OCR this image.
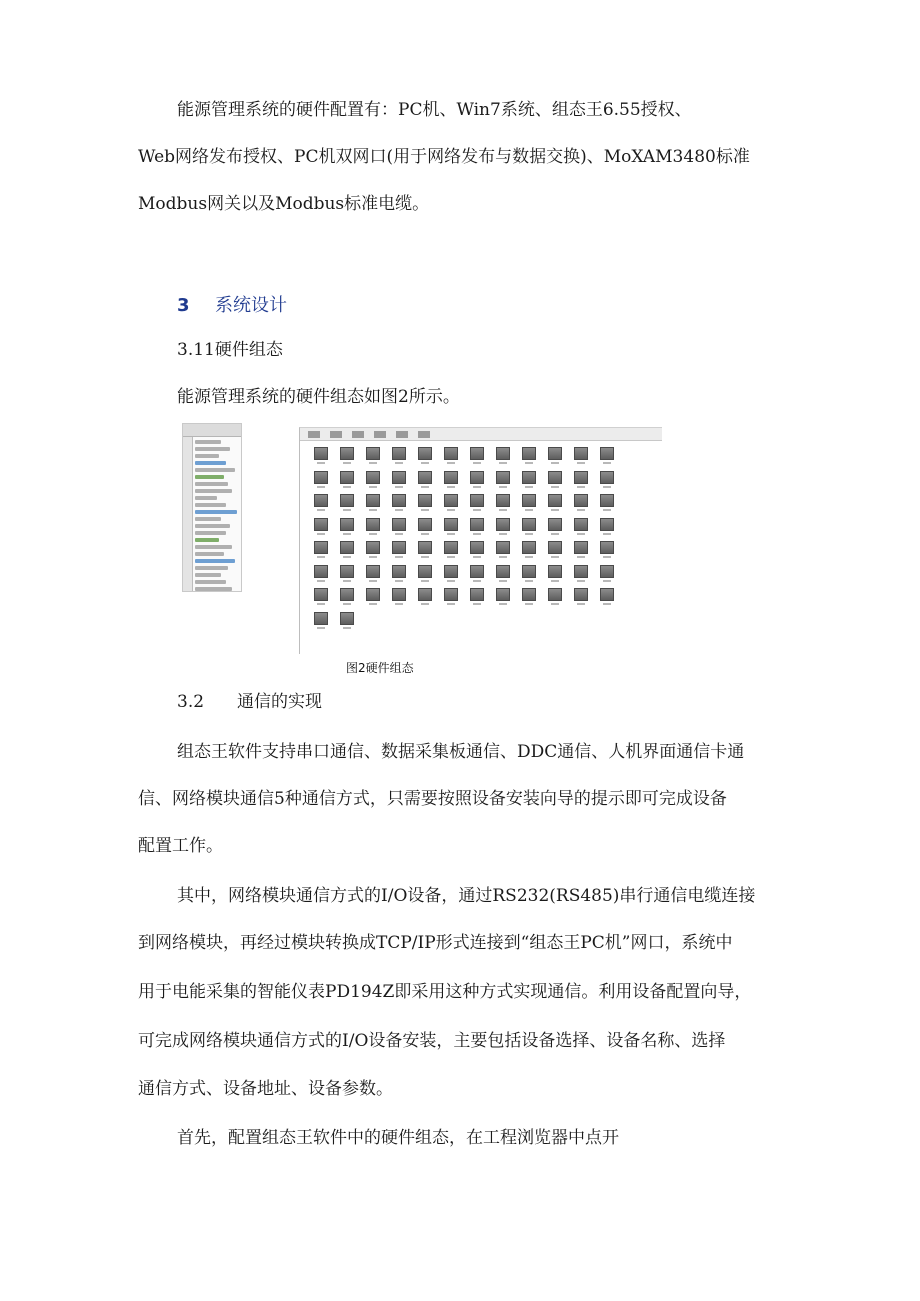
能源管理系统的硬件配置有：PC机、Win7系统、组态王6.55授权、
Web网络发布授权、PC机双网口(用于网络发布与数据交换)、MoXAM3480标准
Modbus网关以及Modbus标准电缆。
3 系统设计
3.11硬件组态
能源管理系统的硬件组态如图2所示。
图2硬件组态
3.2 通信的实现
组态王软件支持串口通信、数据采集板通信、DDC通信、人机界面通信卡通
信、网络模块通信5种通信方式，只需要按照设备安装向导的提示即可完成设备
配置工作。
其中，网络模块通信方式的I/O设备，通过RS232(RS485)串行通信电缆连接
到网络模块，再经过模块转换成TCP/IP形式连接到“组态王PC机”网口，系统中
用于电能采集的智能仪表PD194Z即采用这种方式实现通信。利用设备配置向导，
可完成网络模块通信方式的I/O设备安装，主要包括设备选择、设备名称、选择
通信方式、设备地址、设备参数。
首先，配置组态王软件中的硬件组态，在工程浏览器中点开
